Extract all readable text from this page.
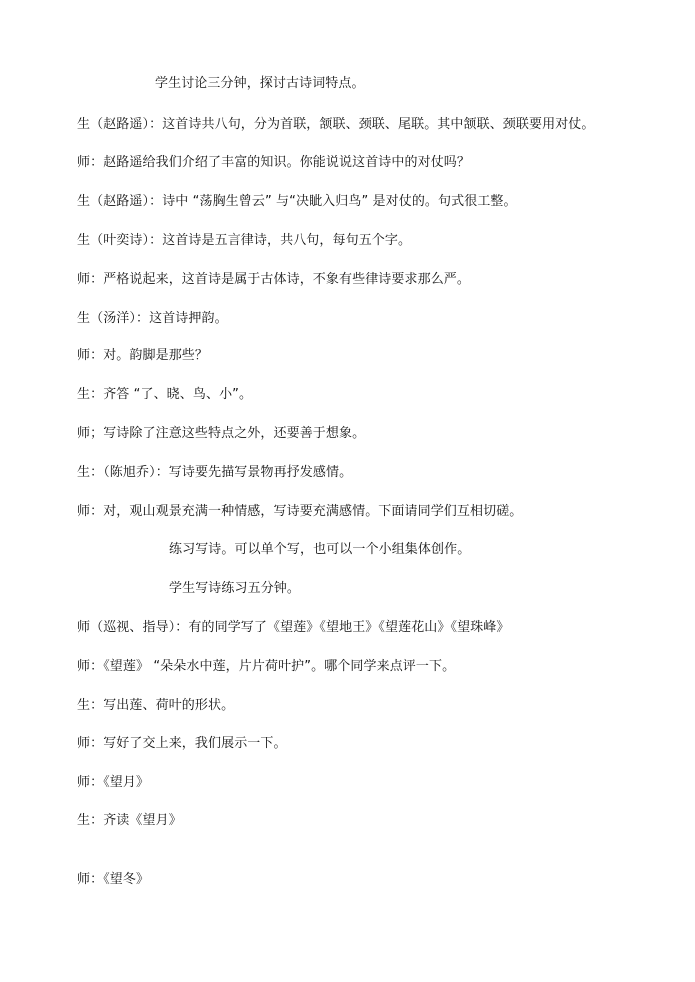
学生讨论三分钟，探讨古诗词特点。
生（赵路遥）：这首诗共八句，分为首联，颔联、颈联、尾联。其中颔联、颈联要用对仗。
师：赵路遥给我们介绍了丰富的知识。你能说说这首诗中的对仗吗？
生（赵路遥）：诗中 “荡胸生曾云” 与“决眦入归鸟” 是对仗的。句式很工整。
生（叶奕诗）：这首诗是五言律诗，共八句，每句五个字。
师：严格说起来，这首诗是属于古体诗，不象有些律诗要求那么严。
生（汤洋）：这首诗押韵。
师：对。韵脚是那些？
生：齐答 “了、晓、鸟、小”。
师；写诗除了注意这些特点之外，还要善于想象。
生：（陈旭乔）：写诗要先描写景物再抒发感情。
师：对，观山观景充满一种情感，写诗要充满感情。下面请同学们互相切磋。
练习写诗。可以单个写，也可以一个小组集体创作。
学生写诗练习五分钟。
师（巡视、指导）：有的同学写了《望莲》《望地王》《望莲花山》《望珠峰》
师：《望莲》 “朵朵水中莲，片片荷叶护”。哪个同学来点评一下。
生：写出莲、荷叶的形状。
师：写好了交上来，我们展示一下。
师：《望月》
生：齐读《望月》
师：《望冬》
